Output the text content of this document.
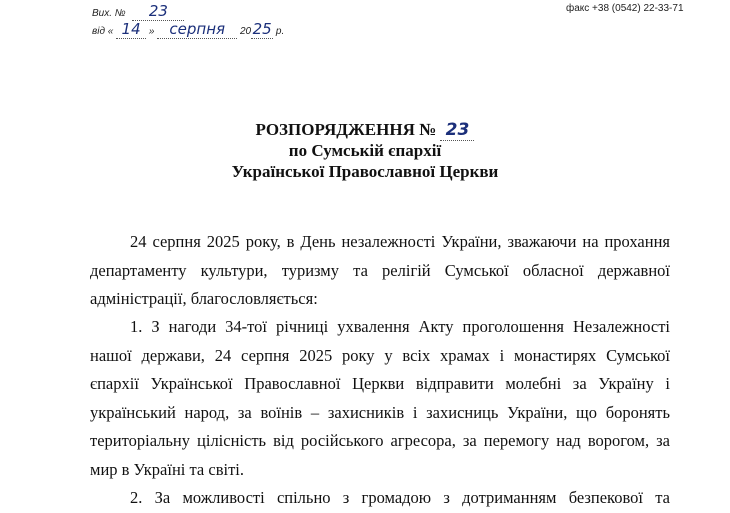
Вих. № 23
від « 14 » серпня 2025 р.
факс +38 (0542) 22-33-71
РОЗПОРЯДЖЕННЯ № 23
по Сумській єпархії
Української Православної Церкви
24 серпня 2025 року, в День незалежності України, зважаючи на прохання
департаменту культури, туризму та релігій Сумської обласної державної
адміністрації, благословляється:
1. З нагоди 34-тої річниці ухвалення Акту проголошення Незалежності
нашої держави, 24 серпня 2025 року у всіх храмах і монастирях Сумської
єпархії Української Православної Церкви відправити молебні за Україну і
український народ, за воїнів – захисників і захисниць України, що боронять
територіальну цілісність від російського агресора, за перемогу над ворогом, за
мир в Україні та світі.
2. За можливості спільно з громадою з дотриманням безпекової та
